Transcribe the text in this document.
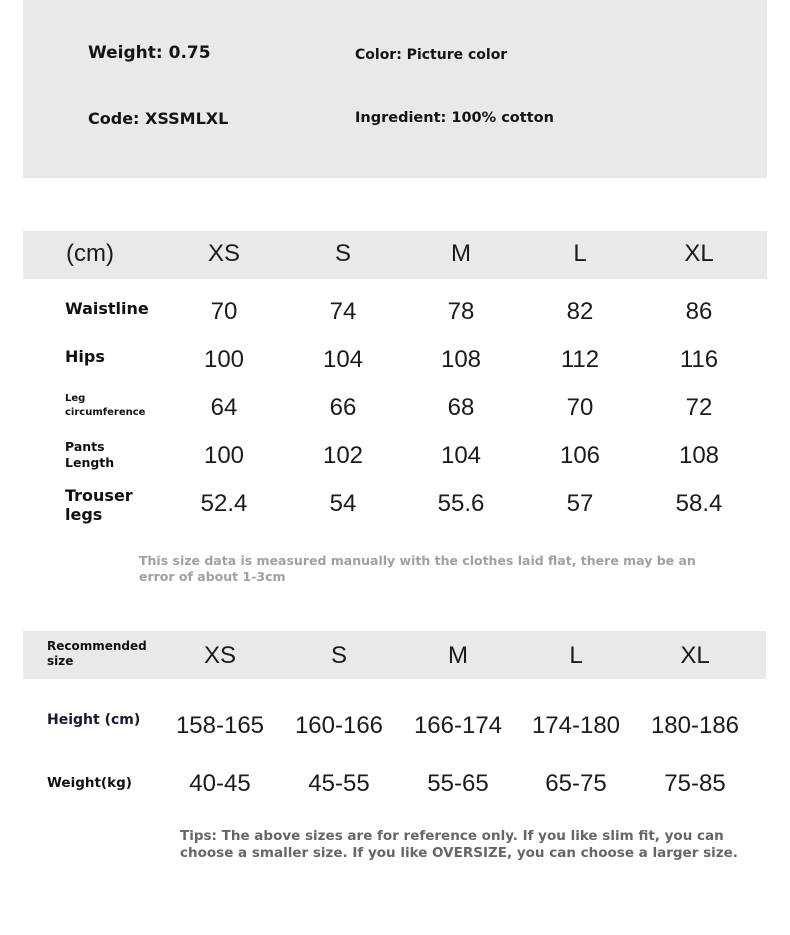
Weight: 0.75	Color: Picture color
Code: XSSMLXL	Ingredient: 100% cotton
(cm)	XS	S	M	L	XL
Waistline	70	74	78	82	86
Hips	100	104	108	112	116
Leg
circumference	64	66	68	70	72
Pants
Length	100	102	104	106	108
Trouser
legs	52.4	54	55.6	57	58.4
This size data is measured manually with the clothes laid flat, there may be an
error of about 1-3cm
Recommended
size	XS	S	M	L	XL
Height (cm)	158-165	160-166	166-174	174-180	180-186
Weight(kg)	40-45	45-55	55-65	65-75	75-85
Tips: The above sizes are for reference only. If you like slim fit, you can
choose a smaller size. If you like OVERSIZE, you can choose a larger size.
